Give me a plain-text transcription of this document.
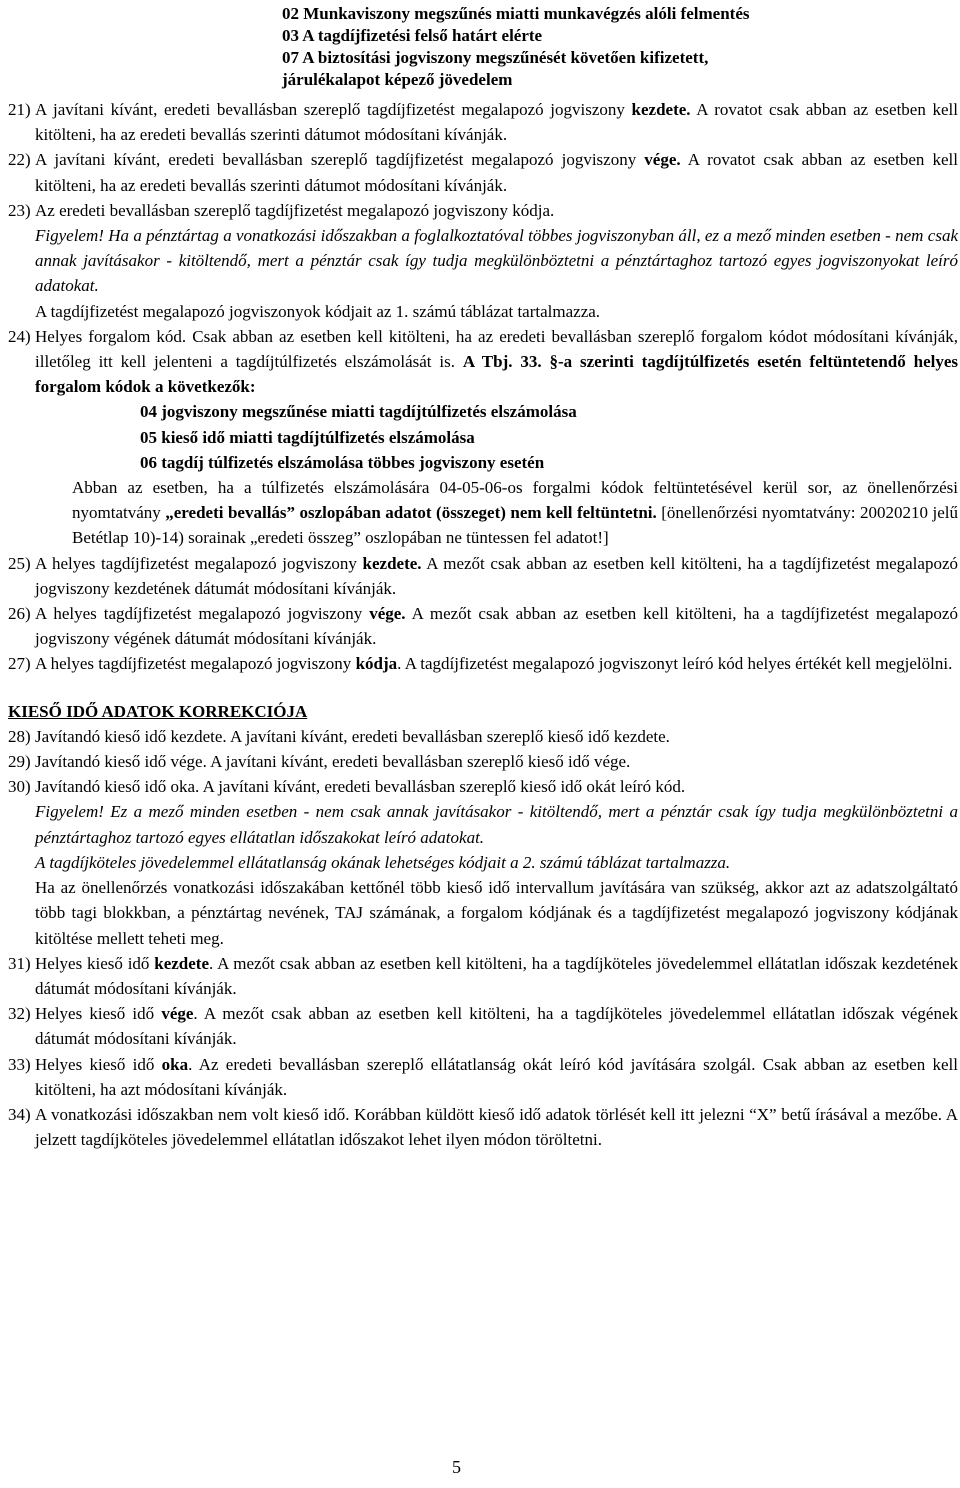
02 Munkaviszony megszűnés miatti munkavégzés alóli felmentés
03 A tagdíjfizetési felső határt elérte
07 A biztosítási jogviszony megszűnését követően kifizetett,
járulékalapot képező jövedelem

21) A javítani kívánt, eredeti bevallásban szereplő tagdíjfizetést megalapozó jogviszony kezdete. A rovatot csak abban az esetben kell kitölteni, ha az eredeti bevallás szerinti dátumot módosítani kívánják.

22) A javítani kívánt, eredeti bevallásban szereplő tagdíjfizetést megalapozó jogviszony vége. A rovatot csak abban az esetben kell kitölteni, ha az eredeti bevallás szerinti dátumot módosítani kívánják.

23) Az eredeti bevallásban szereplő tagdíjfizetést megalapozó jogviszony kódja.

Figyelem! Ha a pénztártag a vonatkozási időszakban a foglalkoztatóval többes jogviszonyban áll, ez a mező minden esetben - nem csak annak javításakor - kitöltendő, mert a pénztár csak így tudja megkülönböztetni a pénztártaghoz tartozó egyes jogviszonyokat leíró adatokat.

A tagdíjfizetést megalapozó jogviszonyok kódjait az 1. számú táblázat tartalmazza.

24) Helyes forgalom kód. Csak abban az esetben kell kitölteni, ha az eredeti bevallásban szereplő forgalom kódot módosítani kívánják, illetőleg itt kell jelenteni a tagdíjtúlfizetés elszámolását is. A Tbj. 33. §-a szerinti tagdíjtúlfizetés esetén feltüntetendő helyes forgalom kódok a következők:

04 jogviszony megszűnése miatti tagdíjtúlfizetés elszámolása

05 kieső idő miatti tagdíjtúlfizetés elszámolása

06 tagdíj túlfizetés elszámolása többes jogviszony esetén

Abban az esetben, ha a túlfizetés elszámolására 04-05-06-os forgalmi kódok feltüntetésével kerül sor, az önellenőrzési nyomtatvány „eredeti bevallás” oszlopában adatot (összeget) nem kell feltüntetni. [önellenőrzési nyomtatvány: 20020210 jelű Betétlap 10)-14) sorainak „eredeti összeg” oszlopában ne tüntessen fel adatot!]

25) A helyes tagdíjfizetést megalapozó jogviszony kezdete. A mezőt csak abban az esetben kell kitölteni, ha a tagdíjfizetést megalapozó jogviszony kezdetének dátumát módosítani kívánják.

26) A helyes tagdíjfizetést megalapozó jogviszony vége. A mezőt csak abban az esetben kell kitölteni, ha a tagdíjfizetést megalapozó jogviszony végének dátumát módosítani kívánják.

27) A helyes tagdíjfizetést megalapozó jogviszony kódja. A tagdíjfizetést megalapozó jogviszonyt leíró kód helyes értékét kell megjelölni.

KIESŐ IDŐ ADATOK KORREKCIÓJA

28) Javítandó kieső idő kezdete. A javítani kívánt, eredeti bevallásban szereplő kieső idő kezdete.

29) Javítandó kieső idő vége. A javítani kívánt, eredeti bevallásban szereplő kieső idő vége.

30) Javítandó kieső idő oka. A javítani kívánt, eredeti bevallásban szereplő kieső idő okát leíró kód.

Figyelem! Ez a mező minden esetben - nem csak annak javításakor - kitöltendő, mert a pénztár csak így tudja megkülönböztetni a pénztártaghoz tartozó egyes ellátatlan időszakokat leíró adatokat.

A tagdíjköteles jövedelemmel ellátatlanság okának lehetséges kódjait a 2. számú táblázat tartalmazza.

Ha az önellenőrzés vonatkozási időszakában kettőnél több kieső idő intervallum javítására van szükség, akkor azt az adatszolgáltató több tagi blokkban, a pénztártag nevének, TAJ számának, a forgalom kódjának és a tagdíjfizetést megalapozó jogviszony kódjának kitöltése mellett teheti meg.

31) Helyes kieső idő kezdete. A mezőt csak abban az esetben kell kitölteni, ha a tagdíjköteles jövedelemmel ellátatlan időszak kezdetének dátumát módosítani kívánják.

32) Helyes kieső idő vége. A mezőt csak abban az esetben kell kitölteni, ha a tagdíjköteles jövedelemmel ellátatlan időszak végének dátumát módosítani kívánják.

33) Helyes kieső idő oka. Az eredeti bevallásban szereplő ellátatlanság okát leíró kód javítására szolgál. Csak abban az esetben kell kitölteni, ha azt módosítani kívánják.

34) A vonatkozási időszakban nem volt kieső idő. Korábban küldött kieső idő adatok törlését kell itt jelezni “X” betű írásával a mezőbe. A jelzett tagdíjköteles jövedelemmel ellátatlan időszakot lehet ilyen módon töröltetni.

5
